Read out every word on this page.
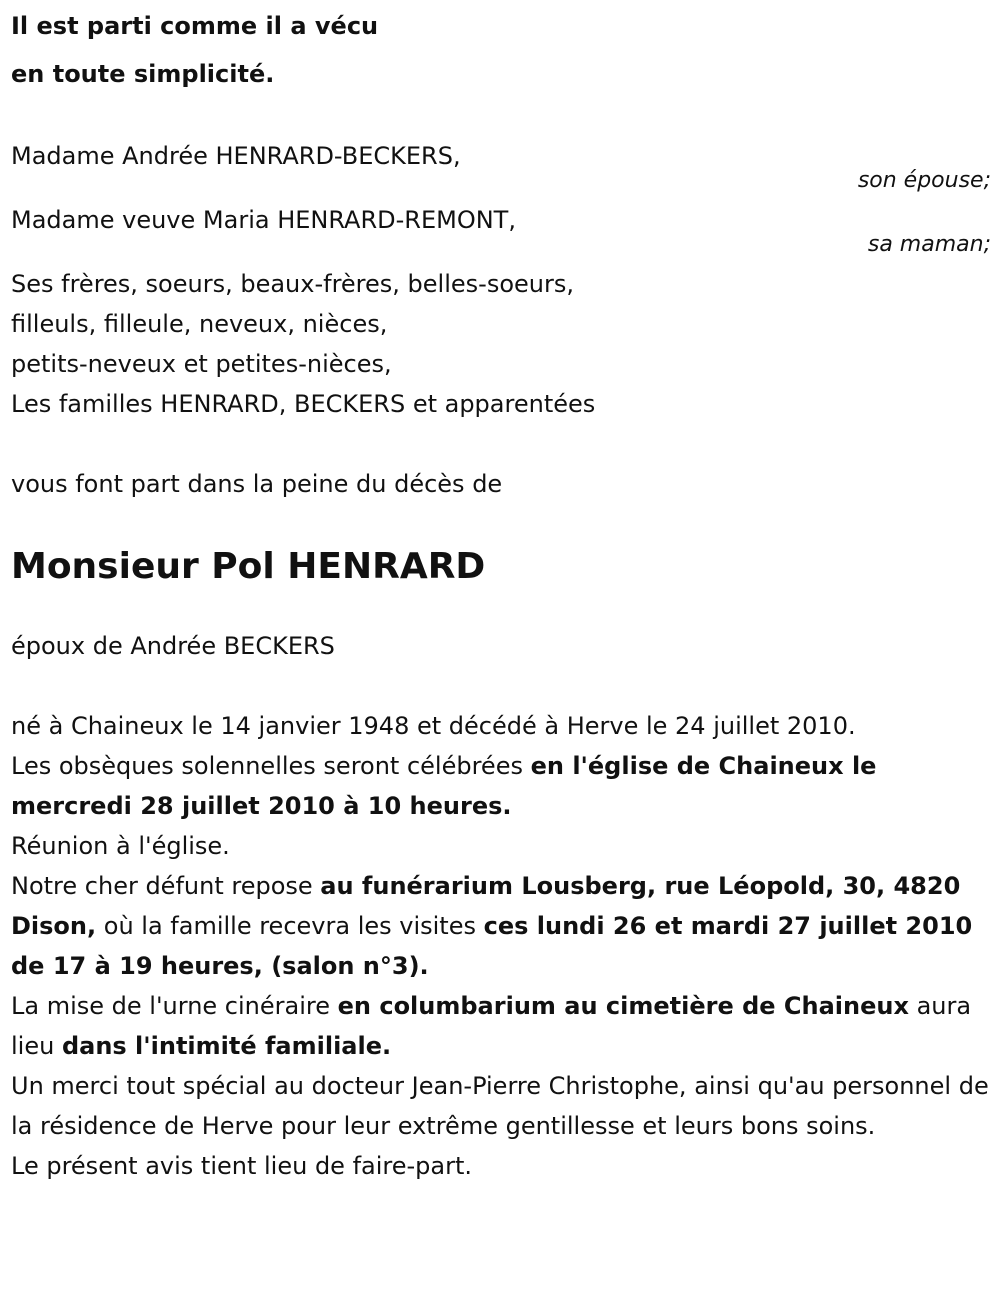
Il est parti comme il a vécu
en toute simplicité.
Madame Andrée HENRARD-BECKERS,
son épouse;
Madame veuve Maria HENRARD-REMONT,
sa maman;
Ses frères, soeurs, beaux-frères, belles-soeurs,
filleuls, filleule, neveux, nièces,
petits-neveux et petites-nièces,
Les familles HENRARD, BECKERS et apparentées
vous font part dans la peine du décès de
Monsieur Pol HENRARD
époux de Andrée BECKERS
né à Chaineux le 14 janvier 1948 et décédé à Herve le 24 juillet 2010.
Les obsèques solennelles seront célébrées en l'église de Chaineux le mercredi 28 juillet 2010 à 10 heures.
Réunion à l'église.
Notre cher défunt repose au funérarium Lousberg, rue Léopold, 30, 4820 Dison, où la famille recevra les visites ces lundi 26 et mardi 27 juillet 2010 de 17 à 19 heures, (salon n°3).
La mise de l'urne cinéraire en columbarium au cimetière de Chaineux aura lieu dans l'intimité familiale.
Un merci tout spécial au docteur Jean-Pierre Christophe, ainsi qu'au personnel de la résidence de Herve pour leur extrême gentillesse et leurs bons soins.
Le présent avis tient lieu de faire-part.
